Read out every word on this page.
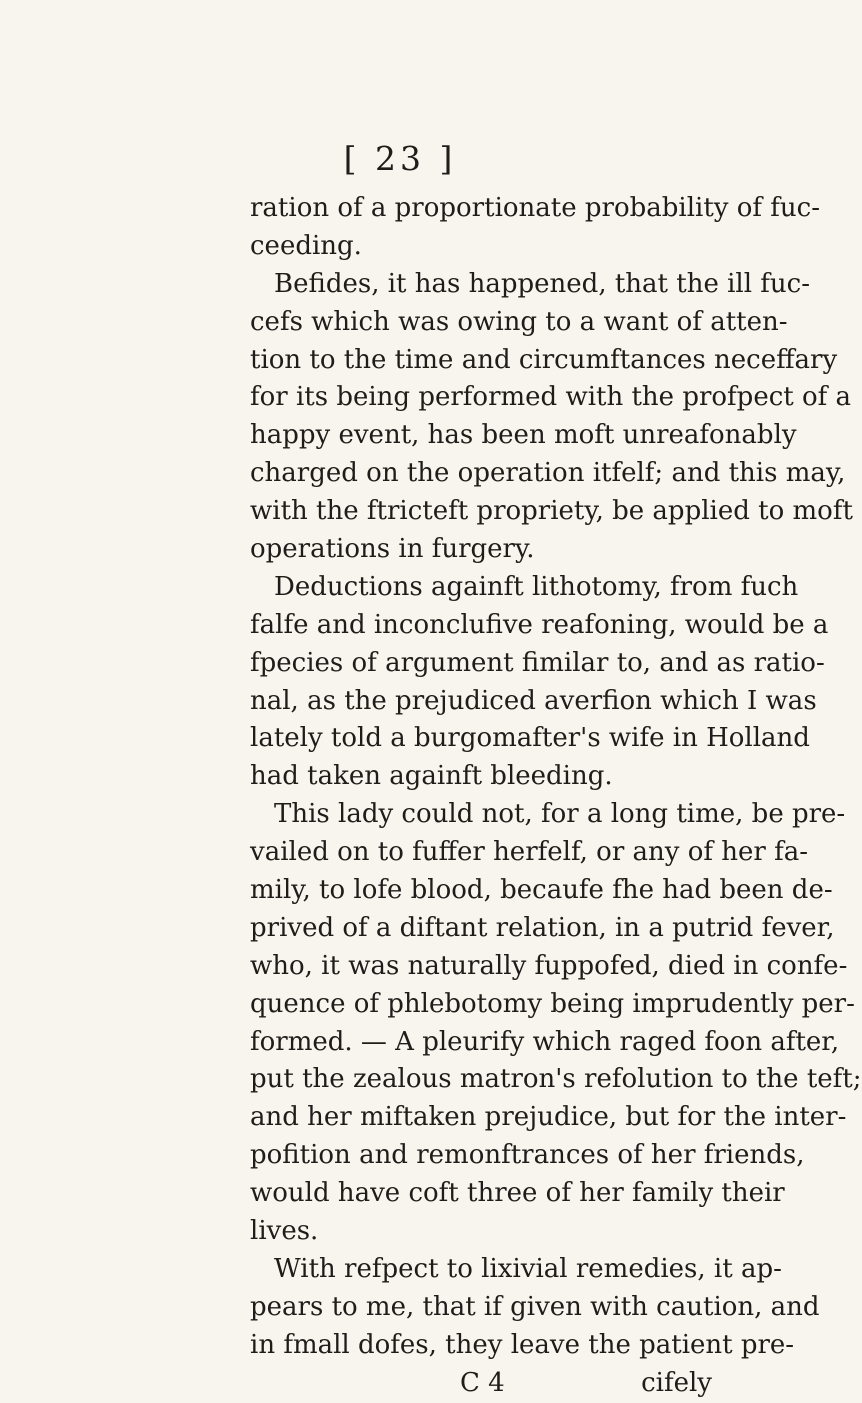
[ 23 ]
ration of a proportionate probability of fuc-
ceeding.
Befides, it has happened, that the ill fuc-
cefs which was owing to a want of atten-
tion to the time and circumftances neceffary
for its being performed with the profpect of a
happy event, has been moft unreafonably
charged on the operation itfelf; and this may,
with the ftricteft propriety, be applied to moft
operations in furgery.
Deductions againft lithotomy, from fuch
falfe and inconclufive reafoning, would be a
fpecies of argument fimilar to, and as ratio-
nal, as the prejudiced averfion which I was
lately told a burgomafter's wife in Holland
had taken againft bleeding.
This lady could not, for a long time, be pre-
vailed on to fuffer herfelf, or any of her fa-
mily, to lofe blood, becaufe fhe had been de-
prived of a diftant relation, in a putrid fever,
who, it was naturally fuppofed, died in confe-
quence of phlebotomy being imprudently per-
formed. — A pleurify which raged foon after,
put the zealous matron's refolution to the teft;
and her miftaken prejudice, but for the inter-
pofition and remonftrances of her friends,
would have coft three of her family their
lives.
With refpect to lixivial remedies, it ap-
pears to me, that if given with caution, and
in fmall dofes, they leave the patient pre-
C 4	cifely
